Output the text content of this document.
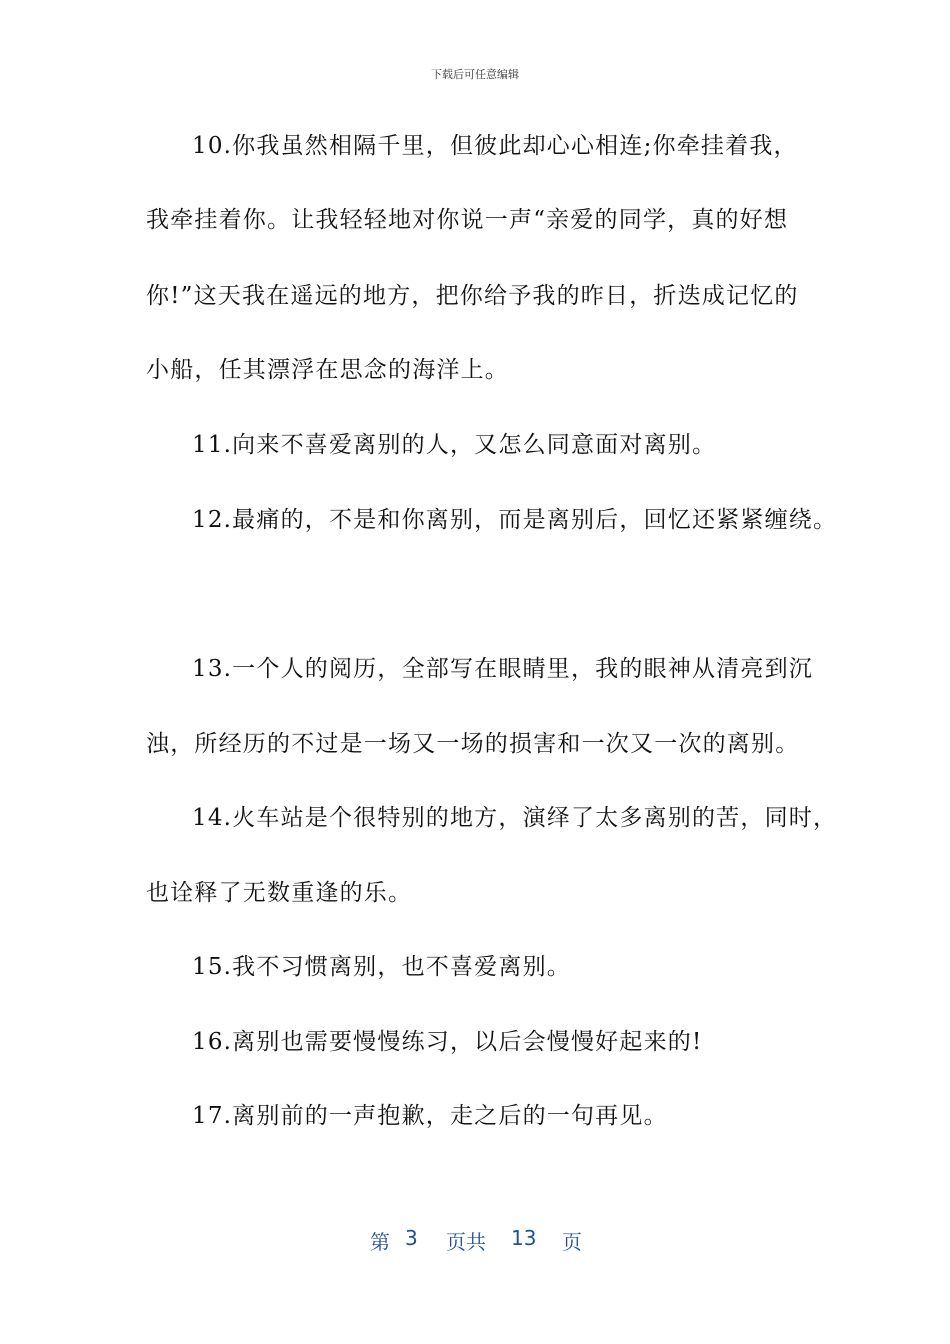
下载后可任意编辑
10.你我虽然相隔千里，但彼此却心心相连;你牵挂着我，
我牵挂着你。让我轻轻地对你说一声“亲爱的同学，真的好想
你!”这天我在遥远的地方，把你给予我的昨日，折迭成记忆的
小船，任其漂浮在思念的海洋上。
11.向来不喜爱离别的人，又怎么同意面对离别。
12.最痛的，不是和你离别，而是离别后，回忆还紧紧缠绕。
13.一个人的阅历，全部写在眼睛里，我的眼神从清亮到沉
浊，所经历的不过是一场又一场的损害和一次又一次的离别。
14.火车站是个很特别的地方，演绎了太多离别的苦，同时，
也诠释了无数重逢的乐。
15.我不习惯离别，也不喜爱离别。
16.离别也需要慢慢练习，以后会慢慢好起来的!
17.离别前的一声抱歉，走之后的一句再见。
第 3 页共 13 页
